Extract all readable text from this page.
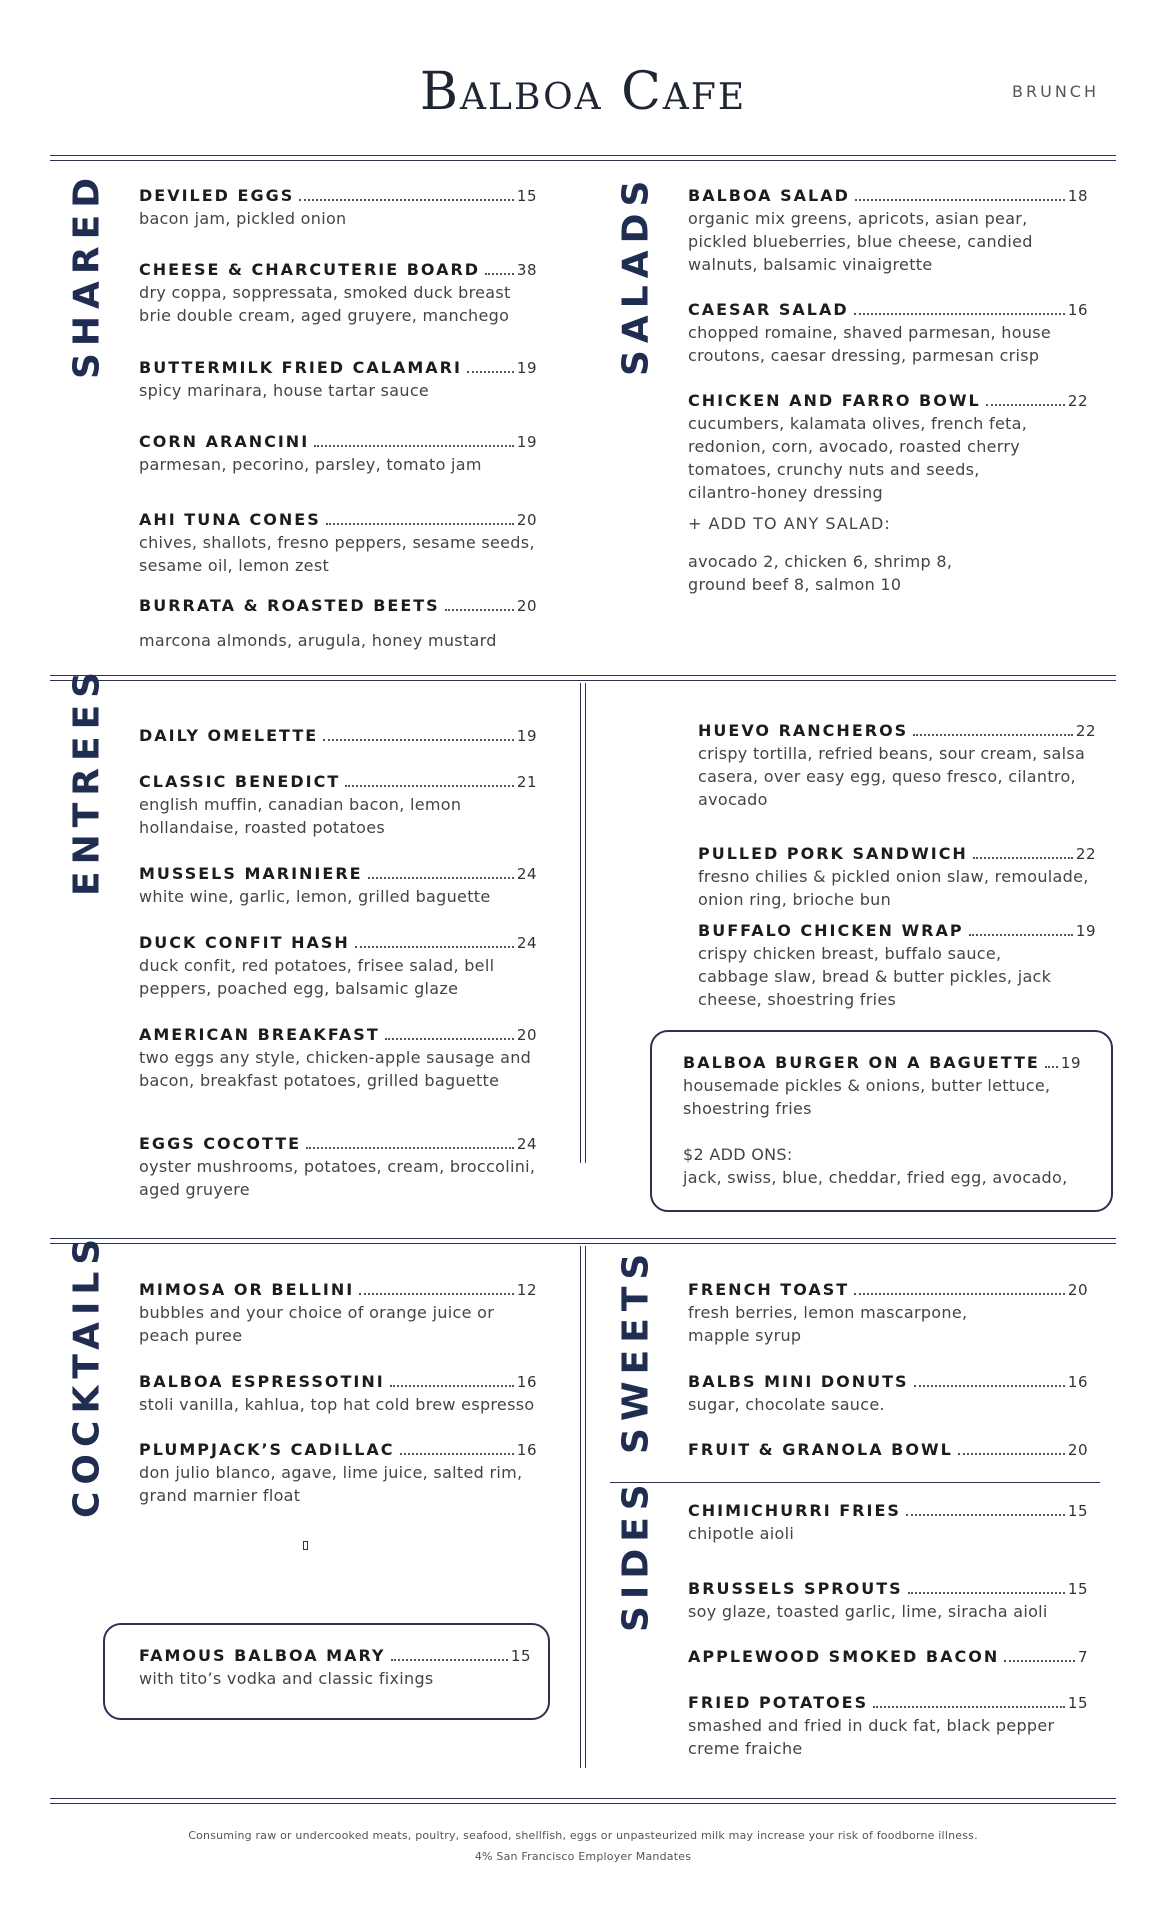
Balboa Cafe	BRUNCH
SHARED	SALADS
ENTREES
COCKTAILS	SWEETS
SIDES
DEVILED EGGS	15
bacon jam, pickled onion
CHEESE & CHARCUTERIE BOARD 38
dry coppa, soppressata, smoked duck breast
brie double cream, aged gruyere, manchego
BUTTERMILK FRIED CALAMARI	19
spicy marinara, house tartar sauce
CORN ARANCINI	19
parmesan, pecorino, parsley, tomato jam
AHI TUNA CONES	20
chives, shallots, fresno peppers, sesame seeds,
sesame oil, lemon zest
BURRATA & ROASTED BEETS	20
marcona almonds, arugula, honey mustard
BALBOA SALAD	18
organic mix greens, apricots, asian pear,
pickled blueberries, blue cheese, candied
walnuts, balsamic vinaigrette
CAESAR SALAD	16
chopped romaine, shaved parmesan, house
croutons, caesar dressing, parmesan crisp
CHICKEN AND FARRO BOWL	22
cucumbers, kalamata olives, french feta,
redonion, corn, avocado, roasted cherry
tomatoes, crunchy nuts and seeds,
cilantro-honey dressing
DAILY OMELETTE	19
CLASSIC BENEDICT	21
english muffin, canadian bacon, lemon
hollandaise, roasted potatoes
MUSSELS MARINIERE	24
white wine, garlic, lemon, grilled baguette
DUCK CONFIT HASH	24
duck confit, red potatoes, frisee salad, bell
peppers, poached egg, balsamic glaze
AMERICAN BREAKFAST	20
two eggs any style, chicken-apple sausage and
bacon, breakfast potatoes, grilled baguette
EGGS COCOTTE	24
oyster mushrooms, potatoes, cream, broccolini,
aged gruyere
HUEVO RANCHEROS	22
crispy tortilla, refried beans, sour cream, salsa
casera, over easy egg, queso fresco, cilantro,
avocado
PULLED PORK SANDWICH	22
fresno chilies & pickled onion slaw, remoulade,
onion ring, brioche bun
BUFFALO CHICKEN WRAP	19
crispy chicken breast, buffalo sauce,
cabbage slaw, bread & butter pickles, jack
cheese, shoestring fries
MIMOSA OR BELLINI	12
bubbles and your choice of orange juice or
peach puree
BALBOA ESPRESSOTINI	16
stoli vanilla, kahlua, top hat cold brew espresso
PLUMPJACK’S CADILLAC	16
don julio blanco, agave, lime juice, salted rim,
grand marnier float
FRENCH TOAST	20
fresh berries, lemon mascarpone,
mapple syrup
BALBS MINI DONUTS	16
sugar, chocolate sauce.
FRUIT & GRANOLA BOWL	20
CHIMICHURRI FRIES	15
chipotle aioli
BRUSSELS SPROUTS	15
soy glaze, toasted garlic, lime, siracha aioli
APPLEWOOD SMOKED BACON	7
FRIED POTATOES	15
smashed and fried in duck fat, black pepper
creme fraiche
+ ADD TO ANY SALAD:
avocado 2, chicken 6, shrimp 8,
ground beef 8, salmon 10
BALBOA BURGER ON A BAGUETTE 19
housemade pickles & onions, butter lettuce,
shoestring fries
$2 ADD ONS:
jack, swiss, blue, cheddar, fried egg, avocado,
FAMOUS BALBOA MARY	15
with tito’s vodka and classic fixings
Consuming raw or undercooked meats, poultry, seafood, shellfish, eggs or unpasteurized milk may increase your risk of foodborne illness.
4% San Francisco Employer Mandates
